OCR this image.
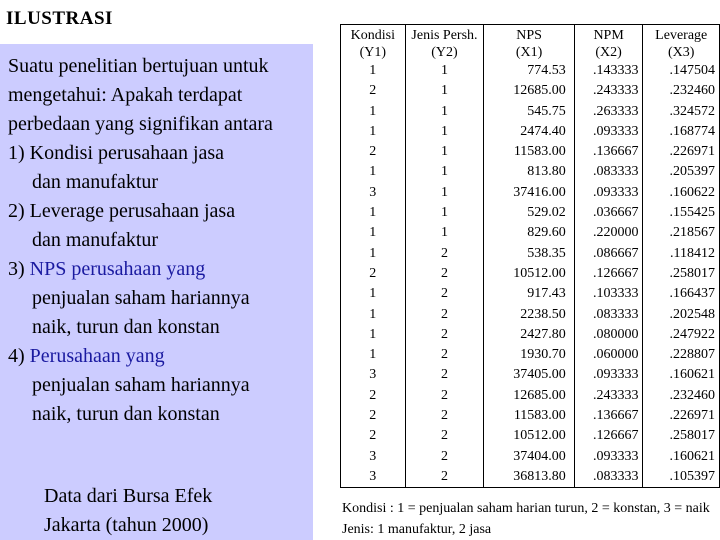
ILUSTRASI
Suatu penelitian bertujuan untuk mengetahui: Apakah terdapat perbedaan yang signifikan antara
1) Kondisi perusahaan jasa
dan manufaktur
2) Leverage perusahaan jasa
dan manufaktur
3) NPS perusahaan yang
penjualan saham hariannya
naik, turun dan konstan
4) Perusahaan yang
penjualan saham hariannya
naik, turun dan konstan
Data dari Bursa Efek
Jakarta (tahun 2000)
Kondisi	Jenis Persh.	NPS	NPM	Leverage
(Y1)	(Y2)	(X1)	(X2)	(X3)
1	1	774.53	.143333	.147504
2	1	12685.00	.243333	.232460
1	1	545.75	.263333	.324572
1	1	2474.40	.093333	.168774
2	1	11583.00	.136667	.226971
1	1	813.80	.083333	.205397
3	1	37416.00	.093333	.160622
1	1	529.02	.036667	.155425
1	1	829.60	.220000	.218567
1	2	538.35	.086667	.118412
2	2	10512.00	.126667	.258017
1	2	917.43	.103333	.166437
1	2	2238.50	.083333	.202548
1	2	2427.80	.080000	.247922
1	2	1930.70	.060000	.228807
3	2	37405.00	.093333	.160621
2	2	12685.00	.243333	.232460
2	2	11583.00	.136667	.226971
2	2	10512.00	.126667	.258017
3	2	37404.00	.093333	.160621
3	2	36813.80	.083333	.105397
Kondisi : 1 = penjualan saham harian turun, 2 = konstan, 3 = naik
Jenis: 1 manufaktur, 2 jasa
